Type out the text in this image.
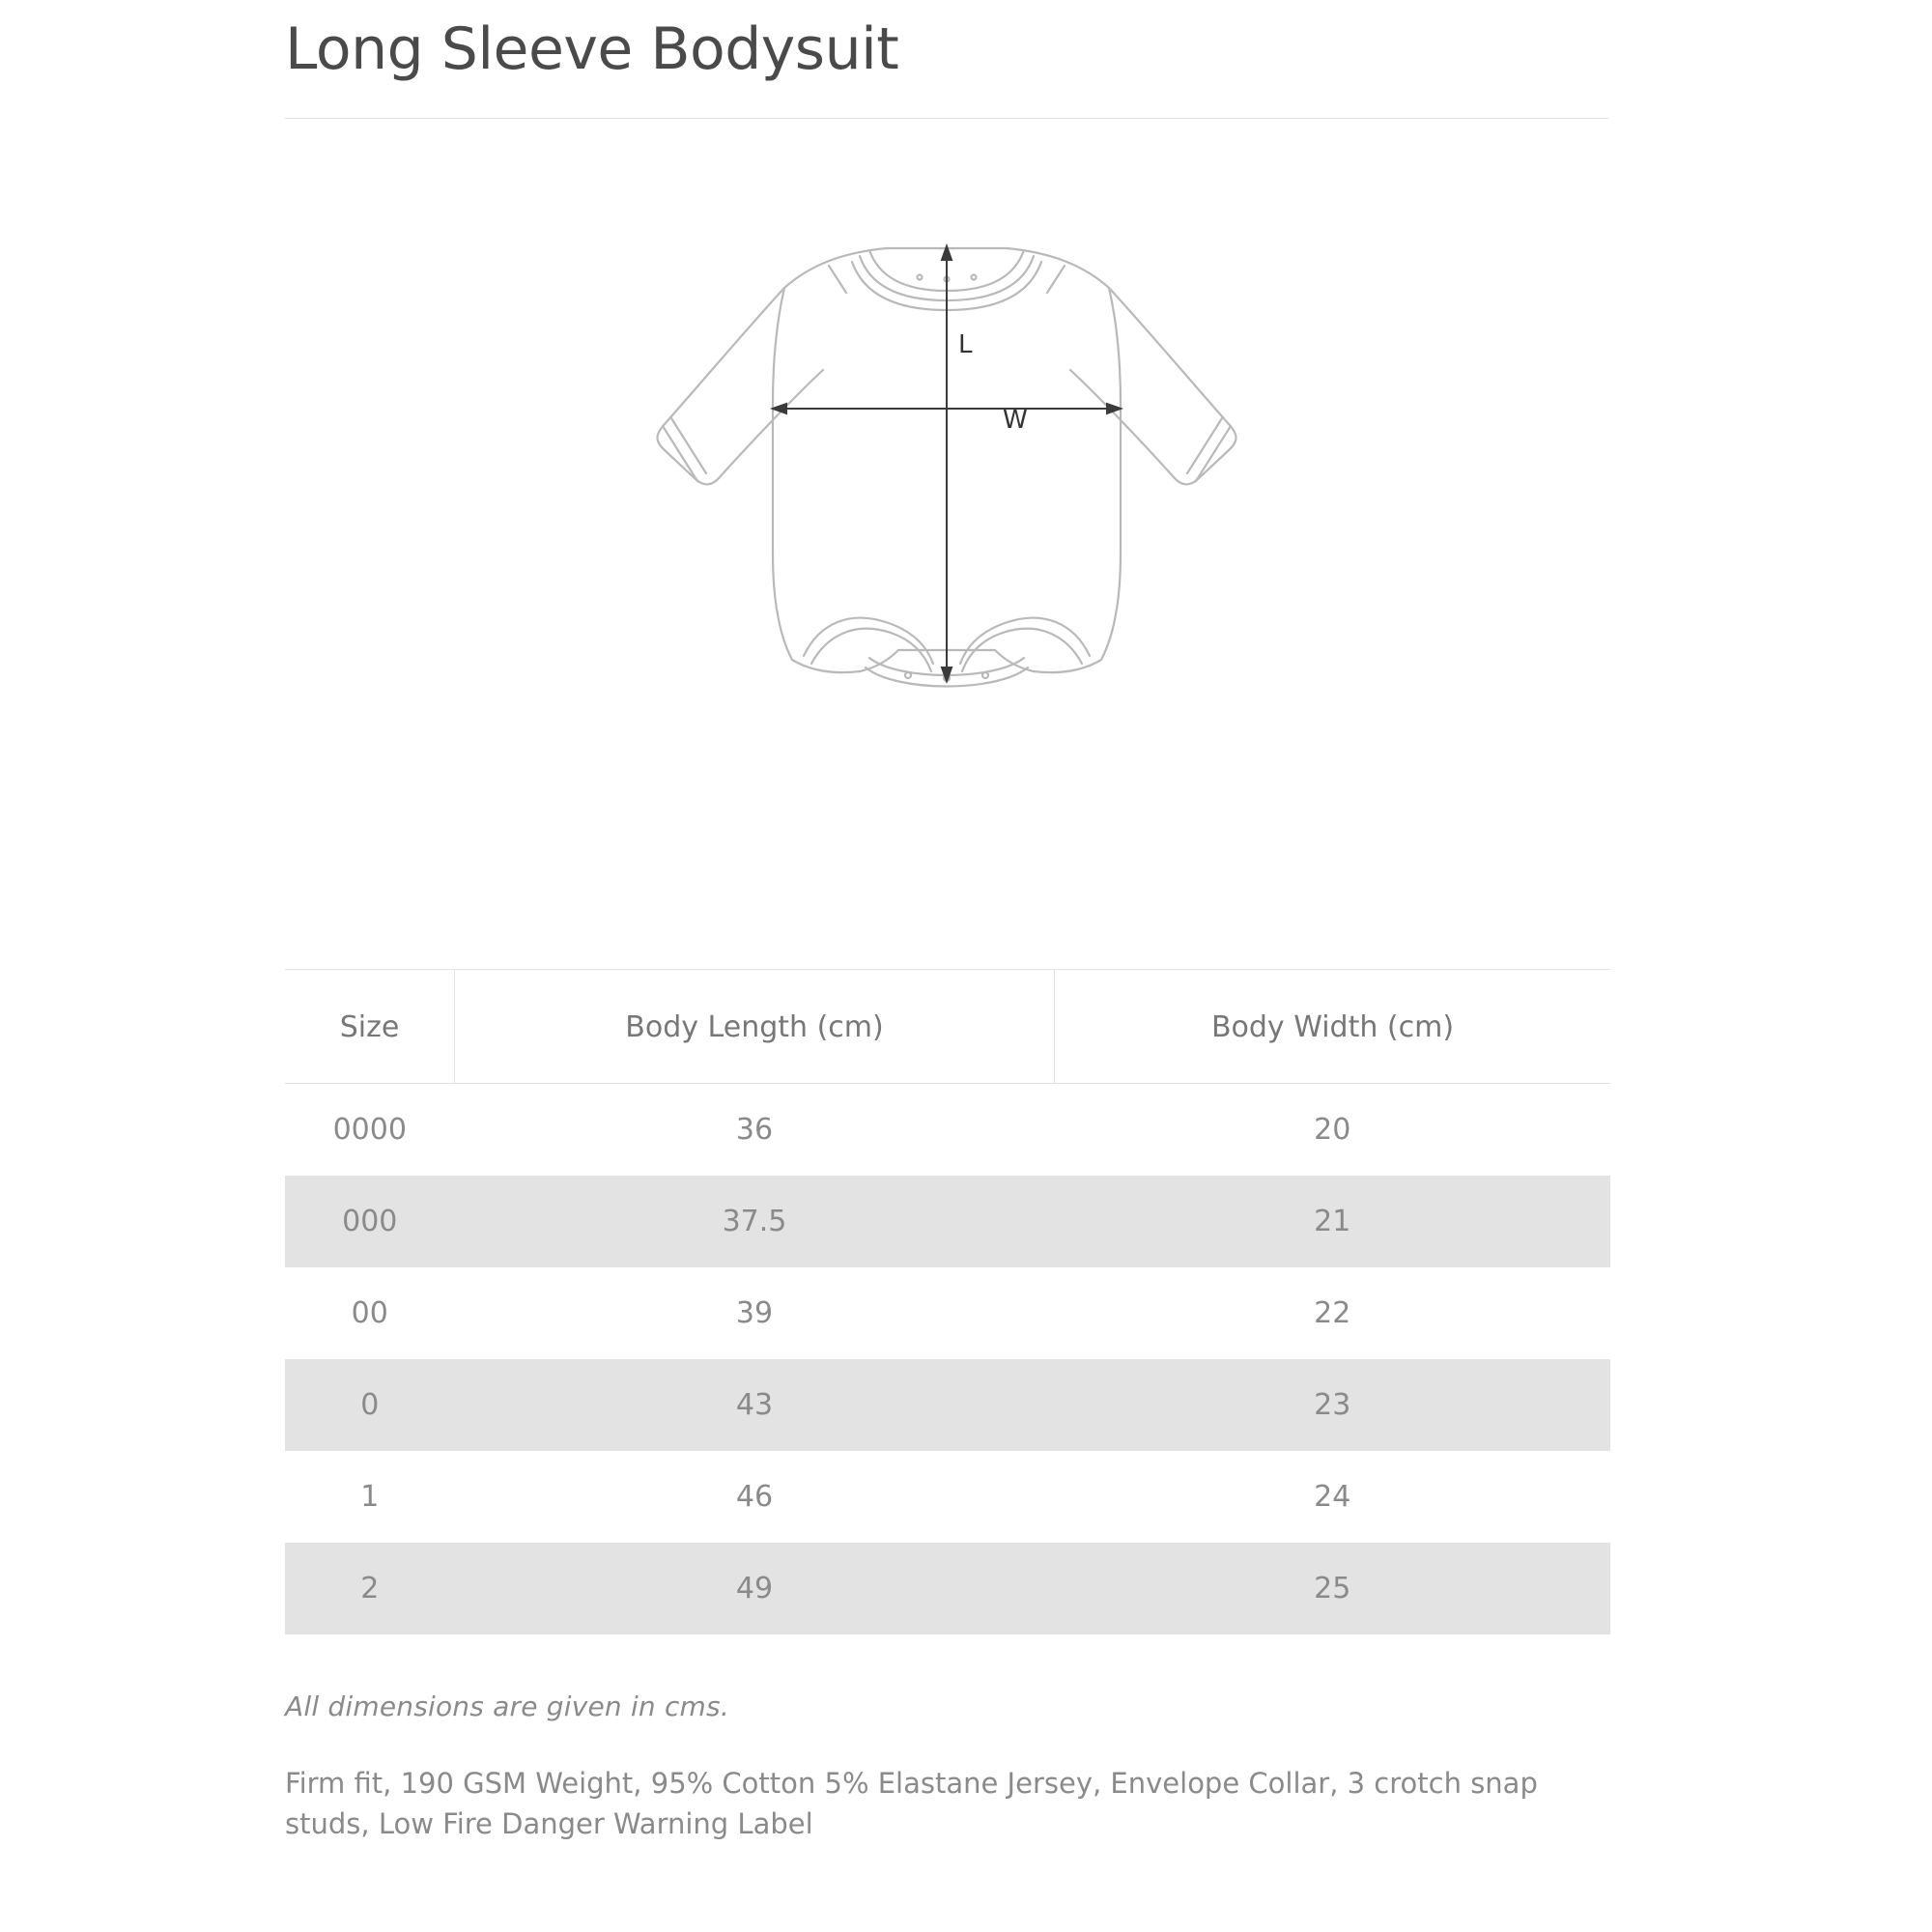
Long Sleeve Bodysuit
L
W
Size	Body Length (cm)	Body Width (cm)
0000	36	20
000	37.5	21
00	39	22
0	43	23
1	46	24
2	49	25
All dimensions are given in cms.
Firm fit, 190 GSM Weight, 95% Cotton 5% Elastane Jersey, Envelope Collar, 3 crotch snap studs, Low Fire Danger Warning Label
